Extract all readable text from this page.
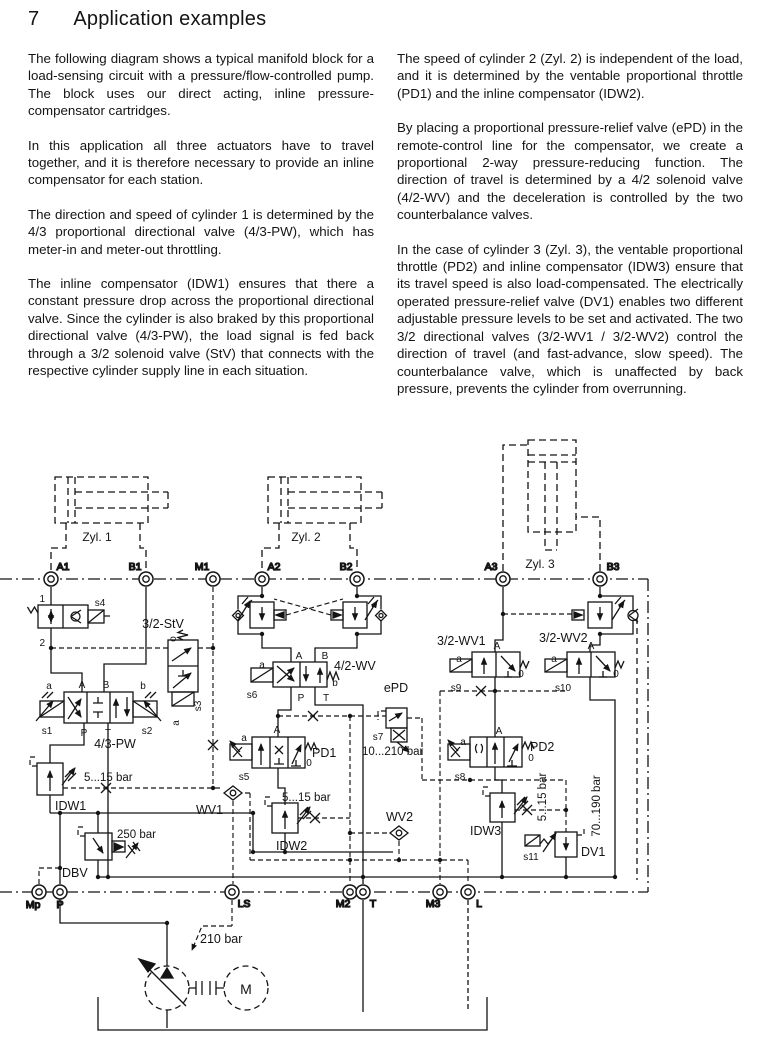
7 Application examples

The following diagram shows a typical manifold block for a load-sensing circuit with a pressure/flow-controlled pump. The block uses our direct acting, inline pressure-compensator cartridges.

In this application all three actuators have to travel together, and it is therefore necessary to provide an inline compensator for each station.

The direction and speed of cylinder 1 is determined by the 4/3 proportional directional valve (4/3-PW), which has meter-in and meter-out throttling.

The inline compensator (IDW1) ensures that there a constant pressure drop across the proportional directional valve. Since the cylinder is also braked by this proportional directional valve (4/3-PW), the load signal is fed back through a 3/2 solenoid valve (StV) that connects with the respective cylinder supply line in each situation.

The speed of cylinder 2 (Zyl. 2) is independent of the load, and it is determined by the ventable proportional throttle (PD1) and the inline compensator (IDW2).

By placing a proportional pressure-relief valve (ePD) in the remote-control line for the compensator, we create a proportional 2-way pressure-reducing function. The direction of travel is determined by a 4/2 solenoid valve (4/2-WV) and the deceleration is controlled by the two counterbalance valves.

In the case of cylinder 3 (Zyl. 3), the ventable proportional throttle (PD2) and inline compensator (IDW3) ensure that its travel speed is also load-compensated. The electrically operated pressure-relief valve (DV1) enables two different adjustable pressure levels to be set and activated. The two 3/2 directional valves (3/2-WV1 / 3/2-WV2) control the direction of travel (and fast-advance, slow speed). The counterbalance valve, which is unaffected by back pressure, prevents the cylinder from overrunning.

A1	B1	M1	A2	B2	A3	B3
Mp P	LS	M2 T	M3	L
Zyl. 1	Zyl. 2
Zyl. 3
1
2
s4
3/2-StV
o
s3
a
a	A B	b
s1	P T	s2
4/3-PW
5...15 bar
IDW1
250 bar
DBV
WV1
a
A B
b
4/2-WV
s6	P T
ePD
s7
10...210 bar
a
A
PD1
0
s5
5...15 bar
IDW2
WV2
3/2-WV1 A
a
s9
0
3/2-WV2
A
a
s10
0
A
a	PD2
0
s8
IDW3
5...15 bar
DV1
s11
70...190 bar
210 bar
M
